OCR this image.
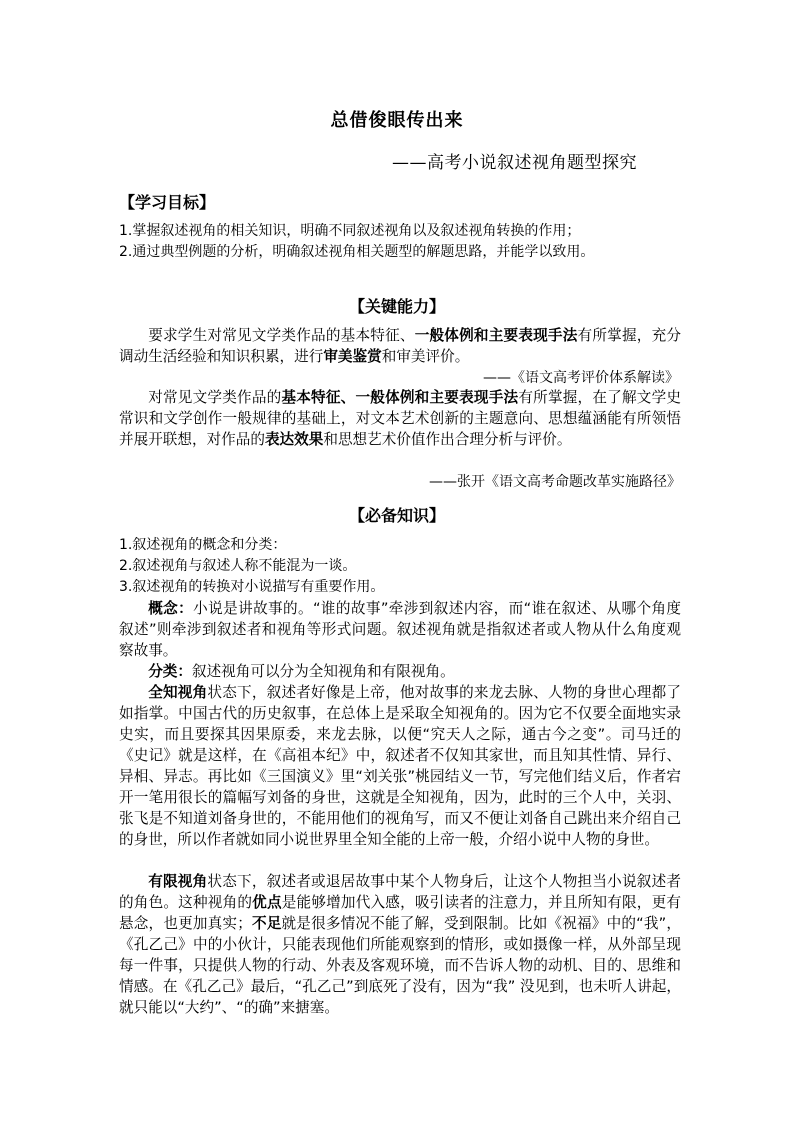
总借俊眼传出来
——高考小说叙述视角题型探究
【学习目标】
1.掌握叙述视角的相关知识，明确不同叙述视角以及叙述视角转换的作用；
2.通过典型例题的分析，明确叙述视角相关题型的解题思路，并能学以致用。
【关键能力】
要求学生对常见文学类作品的基本特征、一般体例和主要表现手法有所掌握，充分调动生活经验和知识积累，进行审美鉴赏和审美评价。
——《语文高考评价体系解读》
对常见文学类作品的基本特征、一般体例和主要表现手法有所掌握，在了解文学史常识和文学创作一般规律的基础上，对文本艺术创新的主题意向、思想蕴涵能有所领悟并展开联想，对作品的表达效果和思想艺术价值作出合理分析与评价。
——张开《语文高考命题改革实施路径》
【必备知识】
1.叙述视角的概念和分类：
2.叙述视角与叙述人称不能混为一谈。
3.叙述视角的转换对小说描写有重要作用。
概念：小说是讲故事的。“谁的故事”牵涉到叙述内容，而“谁在叙述、从哪个角度叙述”则牵涉到叙述者和视角等形式问题。叙述视角就是指叙述者或人物从什么角度观察故事。
分类：叙述视角可以分为全知视角和有限视角。
全知视角状态下，叙述者好像是上帝，他对故事的来龙去脉、人物的身世心理都了如指掌。中国古代的历史叙事，在总体上是采取全知视角的。因为它不仅要全面地实录史实，而且要探其因果原委，来龙去脉，以便“究天人之际，通古今之变”。司马迁的《史记》就是这样，在《高祖本纪》中，叙述者不仅知其家世，而且知其性情、异行、异相、异志。再比如《三国演义》里“刘关张”桃园结义一节，写完他们结义后，作者宕开一笔用很长的篇幅写刘备的身世，这就是全知视角，因为，此时的三个人中，关羽、张飞是不知道刘备身世的，不能用他们的视角写，而又不便让刘备自己跳出来介绍自己的身世，所以作者就如同小说世界里全知全能的上帝一般，介绍小说中人物的身世。
有限视角状态下，叙述者或退居故事中某个人物身后，让这个人物担当小说叙述者的角色。这种视角的优点是能够增加代入感，吸引读者的注意力，并且所知有限，更有悬念，也更加真实；不足就是很多情况不能了解，受到限制。比如《祝福》中的“我”，《孔乙己》中的小伙计，只能表现他们所能观察到的情形，或如摄像一样，从外部呈现每一件事，只提供人物的行动、外表及客观环境，而不告诉人物的动机、目的、思维和情感。在《孔乙己》最后，“孔乙己”到底死了没有，因为“我” 没见到，也未听人讲起，就只能以“大约”、“的确”来搪塞。
